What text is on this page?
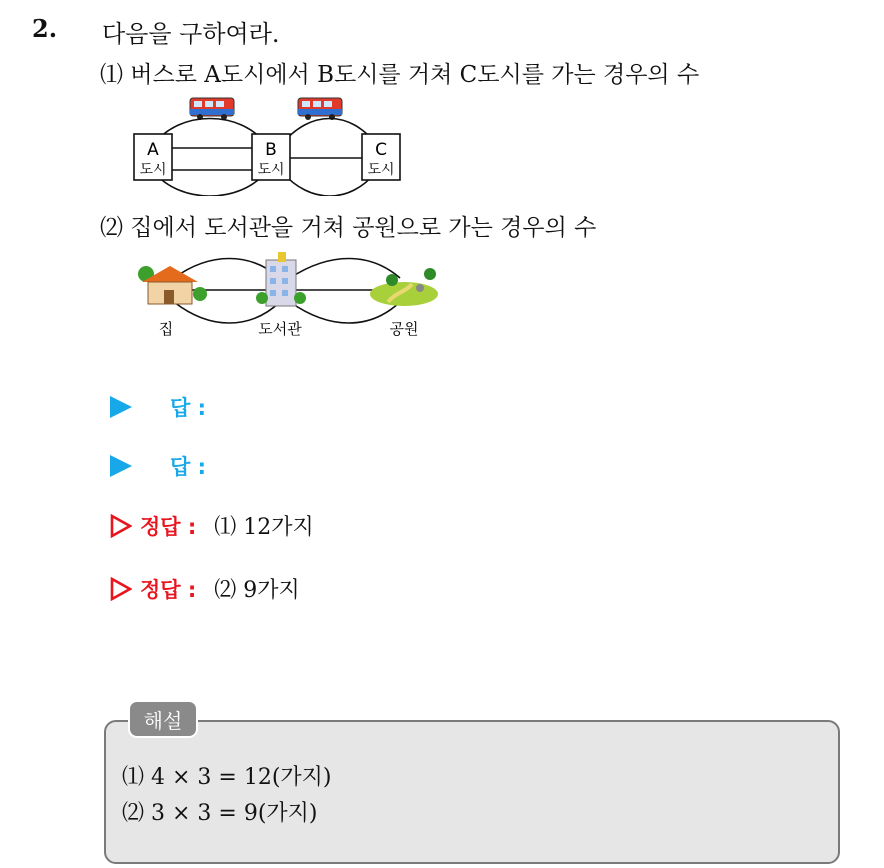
2. 다음을 구하여라.
⑴ 버스로 A도시에서 B도시를 거쳐 C도시를 가는 경우의 수
A
도시
B
도시
C
도시
⑵ 집에서 도서관을 거쳐 공원으로 가는 경우의 수
집	도서관	공원
답 :
답 :
정답 : ⑴ 12가지
정답 : ⑵ 9가지
해설
⑴ 4 × 3 = 12(가지)
⑵ 3 × 3 = 9(가지)
